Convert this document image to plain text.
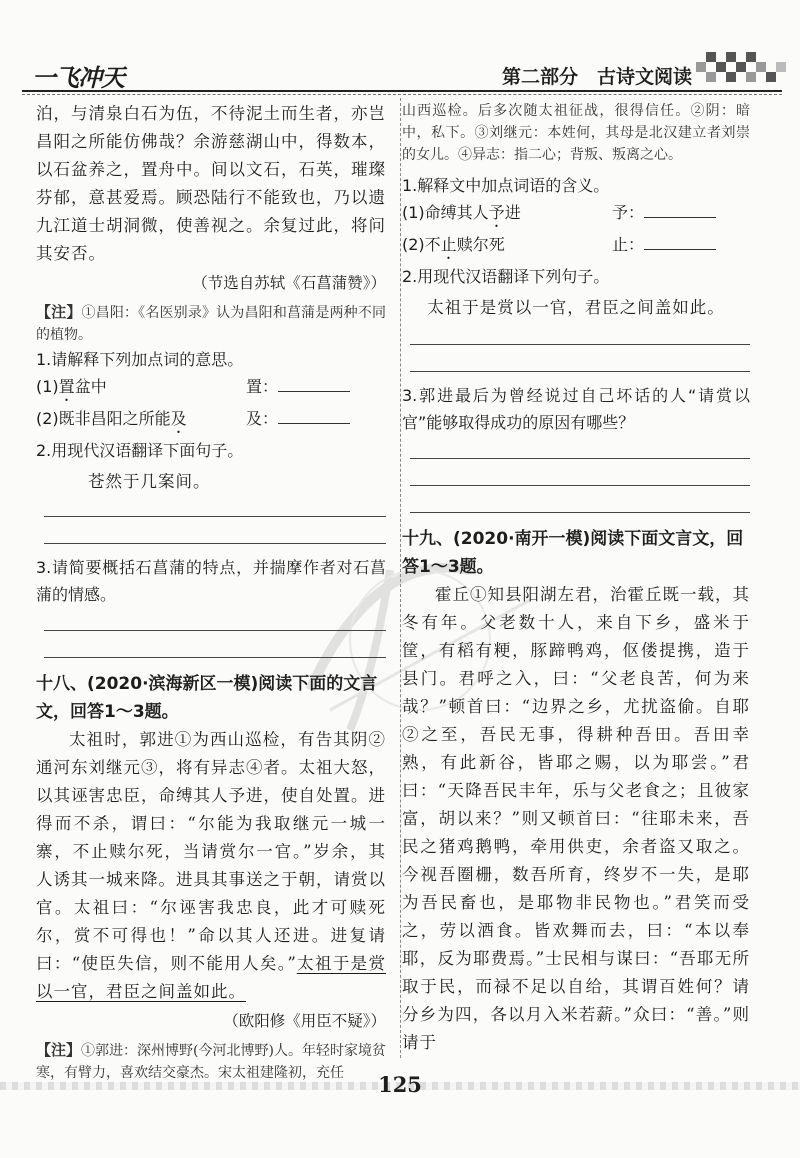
一飞冲天	第二部分　古诗文阅读

泊，与清泉白石为伍，不待泥土而生者，亦岂昌阳之所能仿佛哉？余游慈湖山中，得数本，以石盆养之，置舟中。间以文石，石英，璀璨芬郁，意甚爱焉。顾恐陆行不能致也，乃以遗九江道士胡洞微，使善视之。余复过此，将问其安否。

（节选自苏轼《石菖蒲赞》）

【注】①昌阳：《名医别录》认为昌阳和菖蒲是两种不同的植物。

1.请解释下列加点词的意思。

(1)置盆中	置：
(2)既非昌阳之所能及	及：

2.用现代汉语翻译下面句子。

苍然于几案间。

3.请简要概括石菖蒲的特点，并揣摩作者对石菖蒲的情感。

十八、(2020·滨海新区一模)阅读下面的文言文，回答1～3题。

太祖时，郭进①为西山巡检，有告其阴②通河东刘继元③，将有异志④者。太祖大怒，以其诬害忠臣，命缚其人予进，使自处置。进得而不杀，谓曰：“尔能为我取继元一城一寨，不止赎尔死，当请赏尔一官。”岁余，其人诱其一城来降。进具其事送之于朝，请赏以官。太祖曰：“尔诬害我忠良，此才可赎死尔，赏不可得也！”命以其人还进。进复请曰：“使臣失信，则不能用人矣。”太祖于是赏以一官，君臣之间盖如此。

（欧阳修《用臣不疑》）

【注】①郭进：深州博野(今河北博野)人。年轻时家境贫寒，有臂力，喜欢结交豪杰。宋太祖建隆初，充任

山西巡检。后多次随太祖征战，很得信任。②阴：暗中，私下。③刘继元：本姓何，其母是北汉建立者刘崇的女儿。④异志：指二心；背叛、叛离之心。

1.解释文中加点词语的含义。

(1)命缚其人予进	予：
(2)不止赎尔死	止：

2.用现代汉语翻译下列句子。

太祖于是赏以一官，君臣之间盖如此。

3.郭进最后为曾经说过自己坏话的人“请赏以官”能够取得成功的原因有哪些？

十九、(2020·南开一模)阅读下面文言文，回答1～3题。

霍丘①知县阳湖左君，治霍丘既一载，其冬有年。父老数十人，来自下乡，盛米于筐，有稻有粳，豚蹄鸭鸡，伛偻提携，造于县门。君呼之入，曰：“父老良苦，何为来哉？”顿首曰：“边界之乡，尤扰盗偷。自耶②之至，吾民无事，得耕种吾田。吾田幸熟，有此新谷，皆耶之赐，以为耶尝。”君曰：“天降吾民丰年，乐与父老食之；且彼家富，胡以来？”则又顿首曰：“往耶未来，吾民之猪鸡鹅鸭，牵用供吏，余者盗又取之。今视吾圈栅，数吾所育，终岁不一失，是耶为吾民畜也，是耶物非民物也。”君笑而受之，劳以酒食。皆欢舞而去，曰：“本以奉耶，反为耶费焉。”士民相与谋曰：“吾耶无所取于民，而禄不足以自给，其谓百姓何？请分乡为四，各以月入米若薪。”众曰：“善。”则请于

125
